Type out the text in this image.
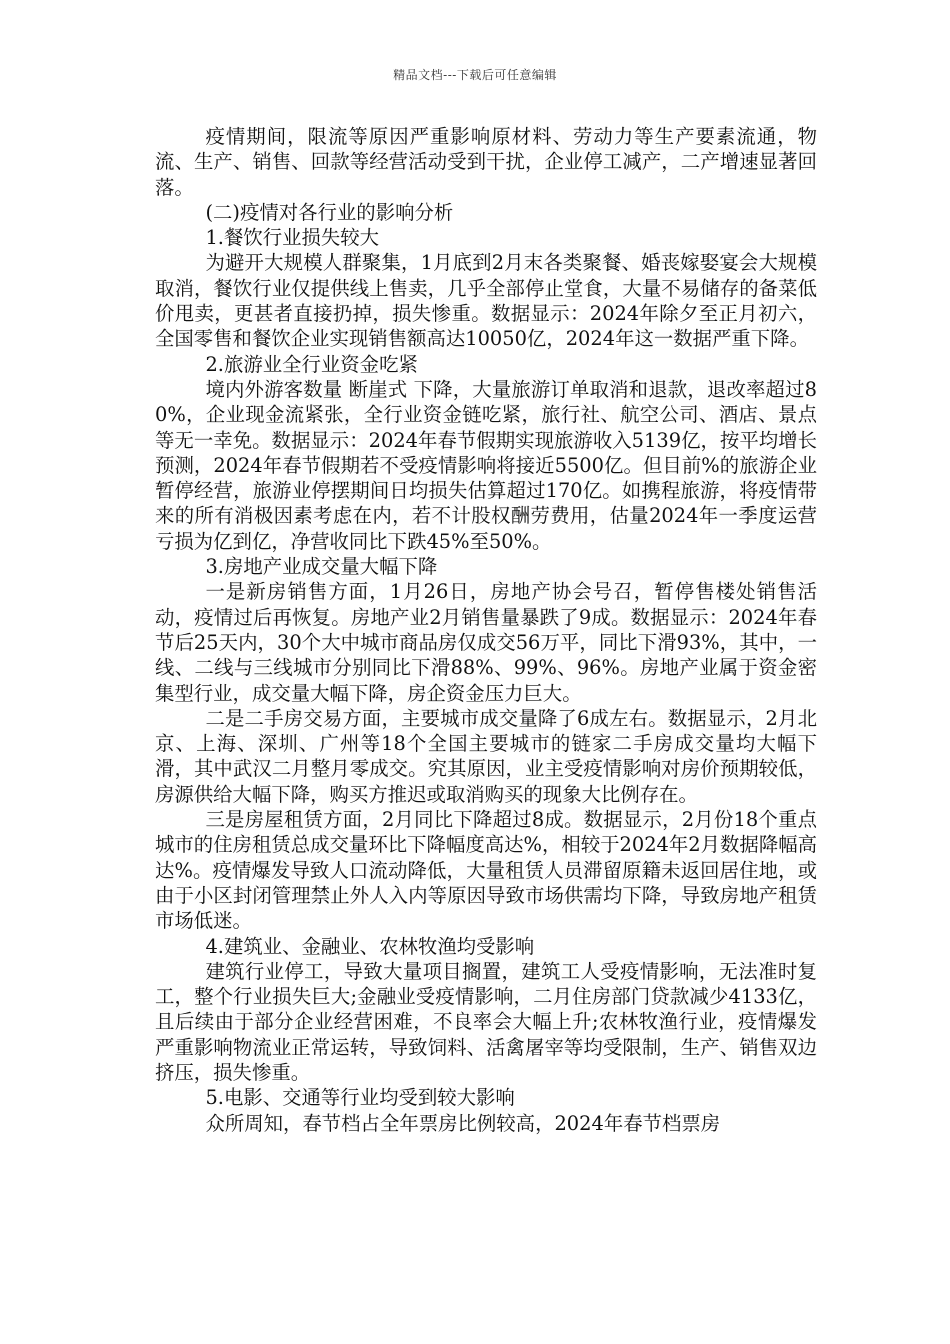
精品文档---下载后可任意编辑

疫情期间，限流等原因严重影响原材料、劳动力等生产要素流通，物流、生产、销售、回款等经营活动受到干扰，企业停工减产，二产增速显著回落。

(二)疫情对各行业的影响分析

1.餐饮行业损失较大

为避开大规模人群聚集，1月底到2月末各类聚餐、婚丧嫁娶宴会大规模取消，餐饮行业仅提供线上售卖，几乎全部停止堂食，大量不易储存的备菜低价甩卖，更甚者直接扔掉，损失惨重。数据显示：2024年除夕至正月初六，全国零售和餐饮企业实现销售额高达10050亿，2024年这一数据严重下降。

2.旅游业全行业资金吃紧

境内外游客数量 断崖式 下降，大量旅游订单取消和退款，退改率超过80%，企业现金流紧张，全行业资金链吃紧，旅行社、航空公司、酒店、景点等无一幸免。数据显示：2024年春节假期实现旅游收入5139亿，按平均增长预测，2024年春节假期若不受疫情影响将接近5500亿。但目前%的旅游企业暂停经营，旅游业停摆期间日均损失估算超过170亿。如携程旅游，将疫情带来的所有消极因素考虑在内，若不计股权酬劳费用，估量2024年一季度运营亏损为亿到亿，净营收同比下跌45%至50%。

3.房地产业成交量大幅下降

一是新房销售方面，1月26日，房地产协会号召，暂停售楼处销售活动，疫情过后再恢复。房地产业2月销售量暴跌了9成。数据显示：2024年春节后25天内，30个大中城市商品房仅成交56万平，同比下滑93%，其中，一线、二线与三线城市分别同比下滑88%、99%、96%。房地产业属于资金密集型行业，成交量大幅下降，房企资金压力巨大。

二是二手房交易方面，主要城市成交量降了6成左右。数据显示，2月北京、上海、深圳、广州等18个全国主要城市的链家二手房成交量均大幅下滑，其中武汉二月整月零成交。究其原因，业主受疫情影响对房价预期较低，房源供给大幅下降，购买方推迟或取消购买的现象大比例存在。

三是房屋租赁方面，2月同比下降超过8成。数据显示，2月份18个重点城市的住房租赁总成交量环比下降幅度高达%，相较于2024年2月数据降幅高达%。疫情爆发导致人口流动降低，大量租赁人员滞留原籍未返回居住地，或由于小区封闭管理禁止外人入内等原因导致市场供需均下降，导致房地产租赁市场低迷。

4.建筑业、金融业、农林牧渔均受影响

建筑行业停工，导致大量项目搁置，建筑工人受疫情影响，无法准时复工，整个行业损失巨大;金融业受疫情影响，二月住房部门贷款减少4133亿，且后续由于部分企业经营困难，不良率会大幅上升;农林牧渔行业，疫情爆发严重影响物流业正常运转，导致饲料、活禽屠宰等均受限制，生产、销售双边挤压，损失惨重。

5.电影、交通等行业均受到较大影响

众所周知，春节档占全年票房比例较高，2024年春节档票房
